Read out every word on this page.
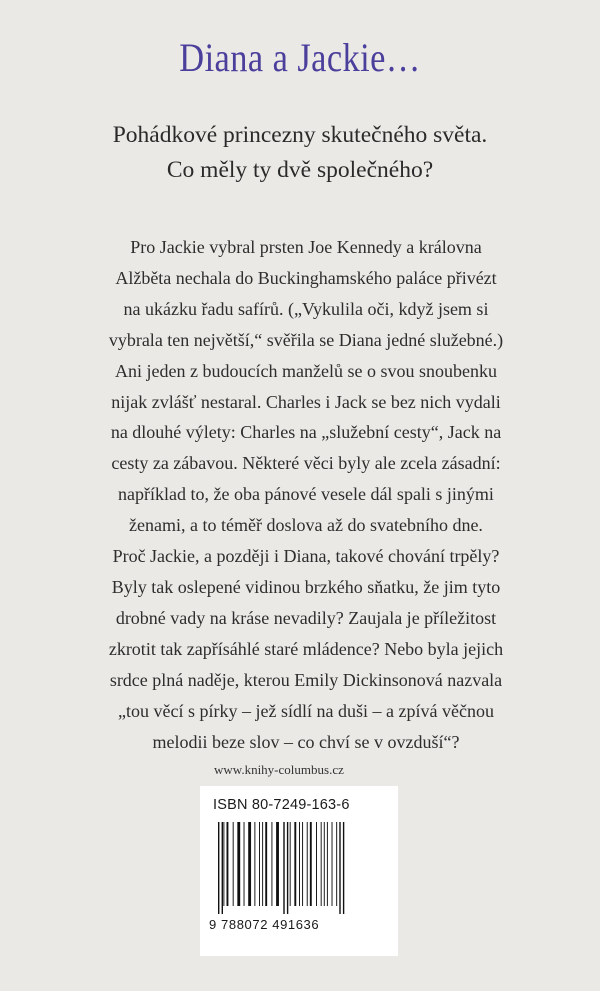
Diana a Jackie…
Pohádkové princezny skutečného světa.
Co měly ty dvě společného?
Pro Jackie vybral prsten Joe Kennedy a královna
Alžběta nechala do Buckinghamského paláce přivézt
na ukázku řadu safírů. („Vykulila oči, když jsem si
vybrala ten největší,“ svěřila se Diana jedné služebné.)
Ani jeden z budoucích manželů se o svou snoubenku
nijak zvlášť nestaral. Charles i Jack se bez nich vydali
na dlouhé výlety: Charles na „služební cesty“, Jack na
cesty za zábavou. Některé věci byly ale zcela zásadní:
například to, že oba pánové vesele dál spali s jinými
ženami, a to téměř doslova až do svatebního dne.
Proč Jackie, a později i Diana, takové chování trpěly?
Byly tak oslepené vidinou brzkého sňatku, že jim tyto
drobné vady na kráse nevadily? Zaujala je příležitost
zkrotit tak zapřísáhlé staré mládence? Nebo byla jejich
srdce plná naděje, kterou Emily Dickinsonová nazvala
„tou věcí s pírky – jež sídlí na duši – a zpívá věčnou
melodii beze slov – co chví se v ovzduší“?
www.knihy-columbus.cz
ISBN 80-7249-163-6
9 788072 491636
